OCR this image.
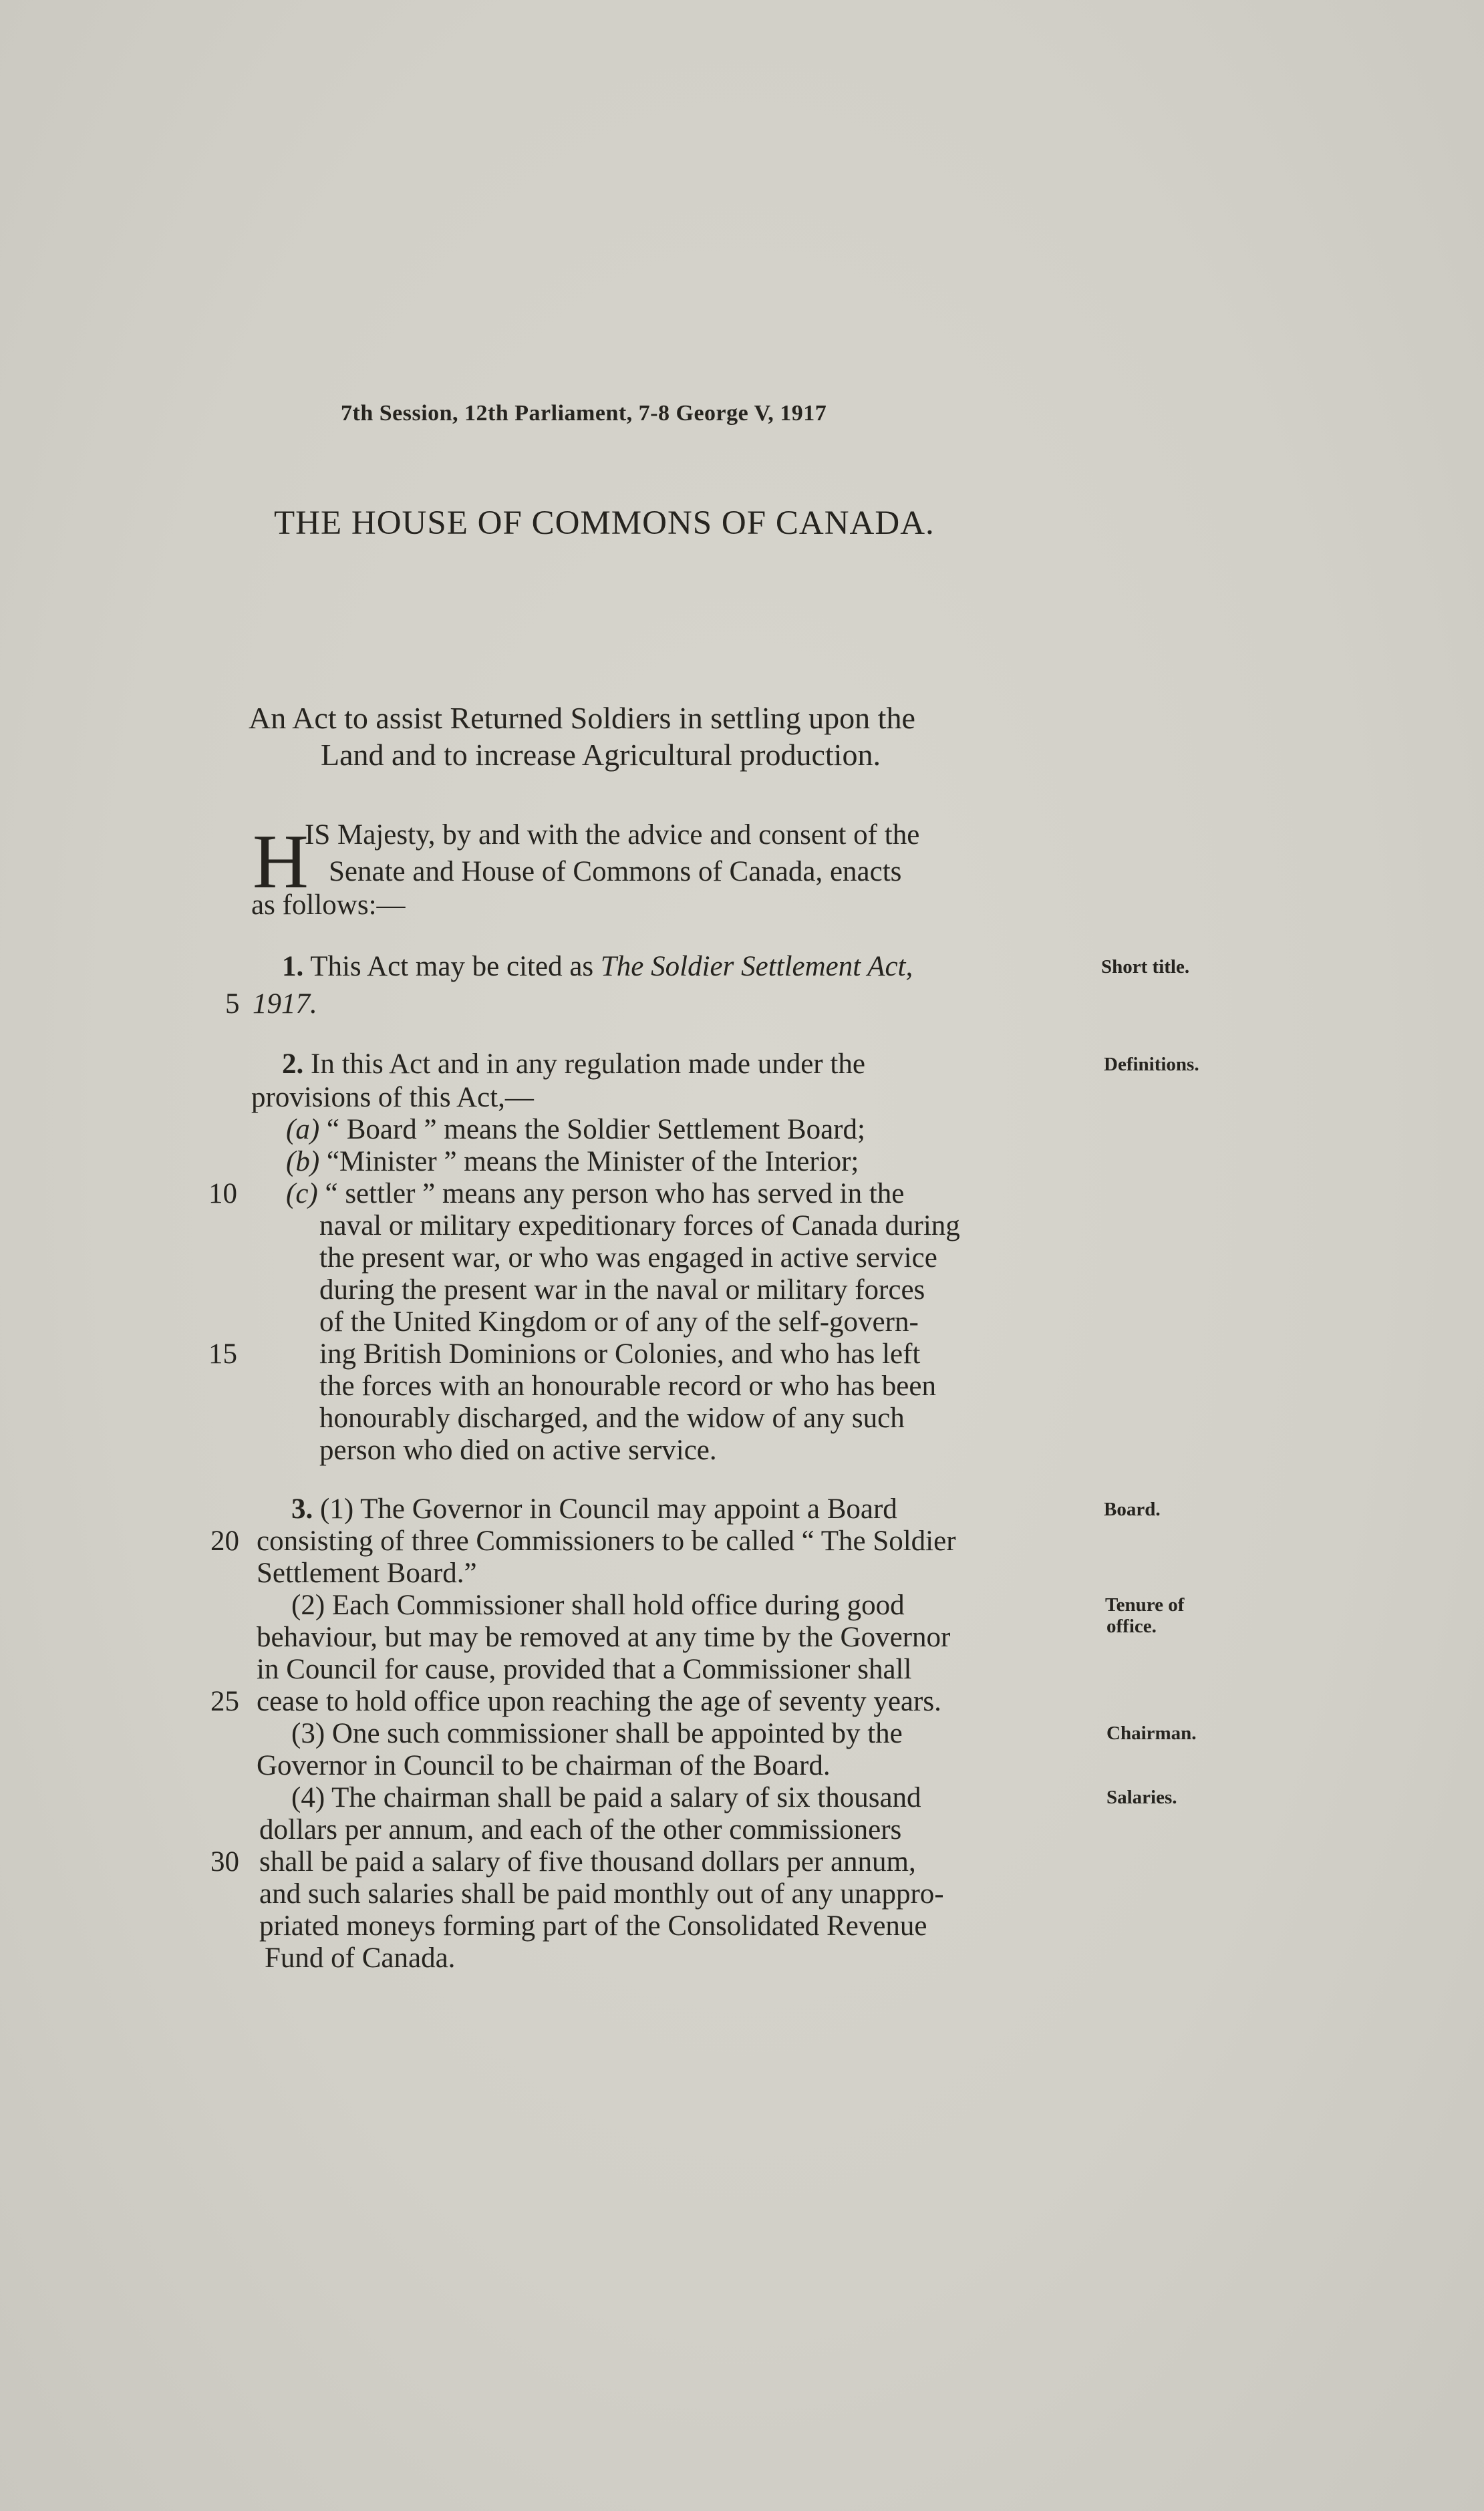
7th Session, 12th Parliament, 7-8 George V, 1917
THE HOUSE OF COMMONS OF CANADA.
An Act to assist Returned Soldiers in settling upon the
Land and to increase Agricultural production.
H
IS Majesty, by and with the advice and consent of the
Senate and House of Commons of Canada, enacts
as follows:—
1. This Act may be cited as The Soldier Settlement Act,
5 1917.
Short title.
2. In this Act and in any regulation made under the	Definitions.
provisions of this Act,—
(a) “ Board ” means the Soldier Settlement Board;
(b) “Minister ” means the Minister of the Interior;
10 (c) “ settler ” means any person who has served in the
naval or military expeditionary forces of Canada during
the present war, or who was engaged in active service
during the present war in the naval or military forces
of the United Kingdom or of any of the self-govern-
15	ing British Dominions or Colonies, and who has left
the forces with an honourable record or who has been
honourably discharged, and the widow of any such
person who died on active service.
3. (1) The Governor in Council may appoint a Board	Board.
20 consisting of three Commissioners to be called “ The Soldier
Settlement Board.”
(2) Each Commissioner shall hold office during good	Tenure of
office.
behaviour, but may be removed at any time by the Governor
in Council for cause, provided that a Commissioner shall
25 cease to hold office upon reaching the age of seventy years.
(3) One such commissioner shall be appointed by the	Chairman.
Governor in Council to be chairman of the Board.
(4) The chairman shall be paid a salary of six thousand	Salaries.
dollars per annum, and each of the other commissioners
30 shall be paid a salary of five thousand dollars per annum,
and such salaries shall be paid monthly out of any unappro-
priated moneys forming part of the Consolidated Revenue
Fund of Canada.
